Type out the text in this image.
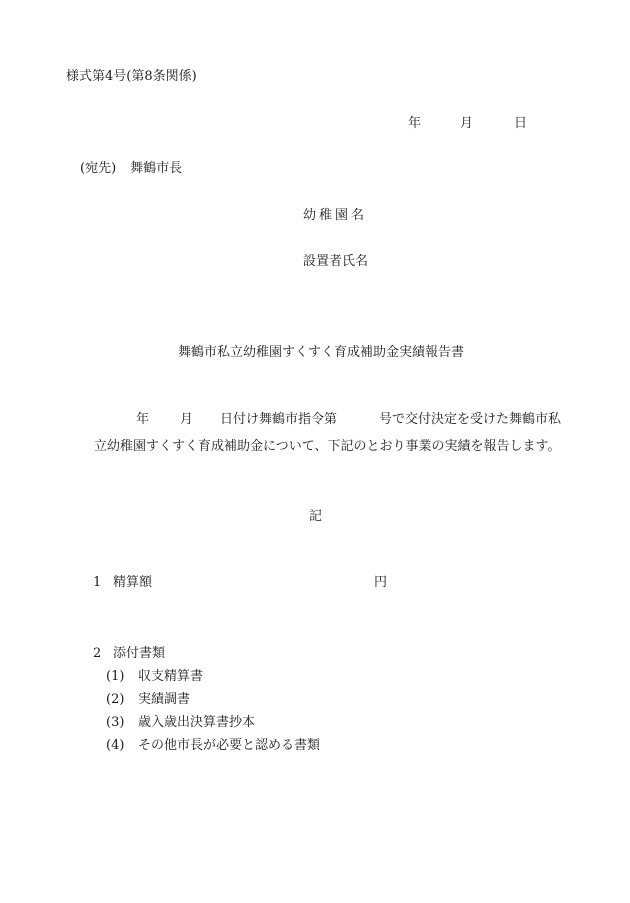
様式第4号(第8条関係)
年	月	日
(宛先) 舞鶴市長
幼稚園名
設置者氏名
舞鶴市私立幼稚園すくすく育成補助金実績報告書
年 月 日付け舞鶴市指令第	号で交付決定を受けた舞鶴市私
立幼稚園すくすく育成補助金について、下記のとおり事業の実績を報告します。
記
1 精算額	円
2 添付書類
(1) 収支精算書
(2) 実績調書
(3) 歳入歳出決算書抄本
(4) その他市長が必要と認める書類
